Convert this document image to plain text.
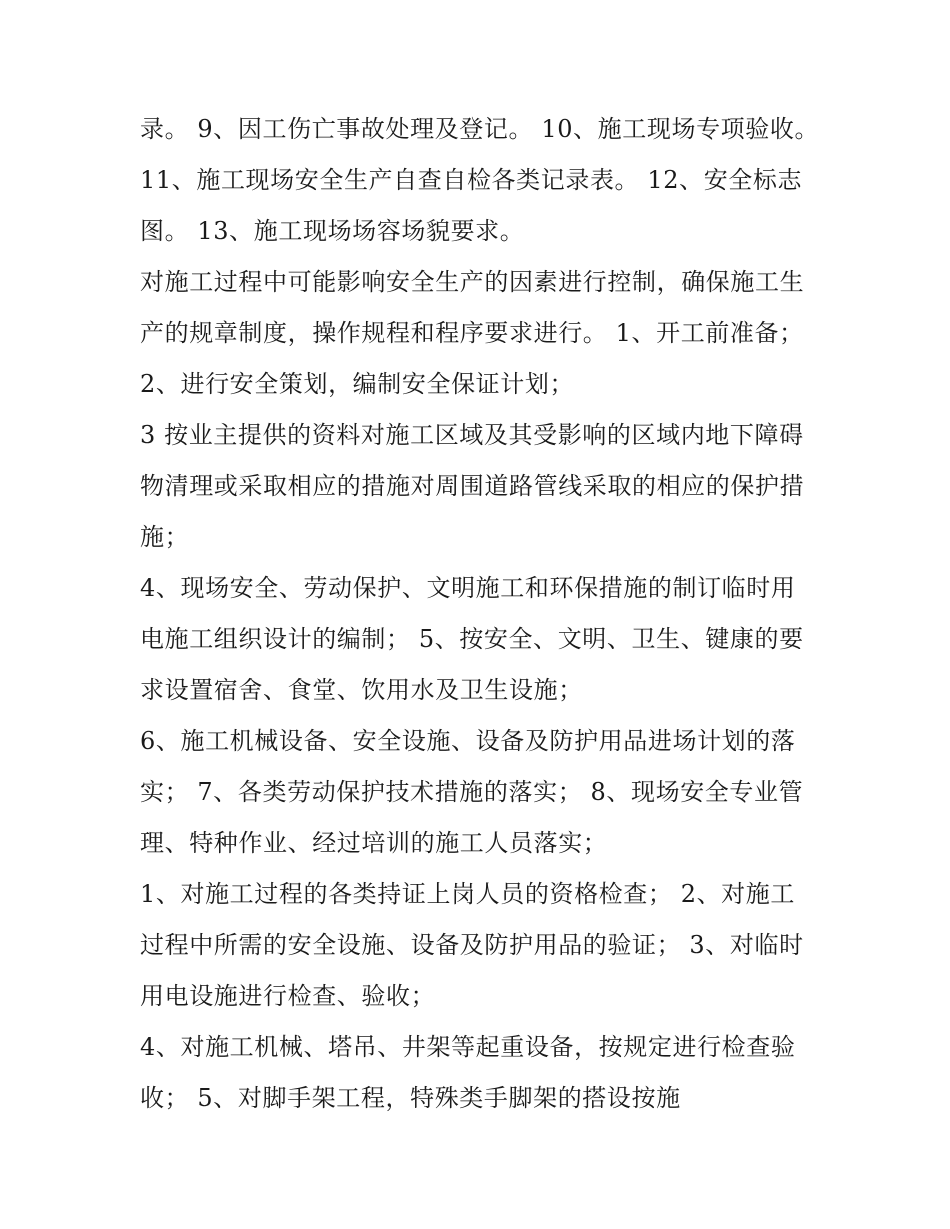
录。 9、因工伤亡事故处理及登记。 10、施工现场专项验收。
11、施工现场安全生产自查自检各类记录表。 12、安全标志
图。 13、施工现场场容场貌要求。
对施工过程中可能影响安全生产的因素进行控制，确保施工生
产的规章制度，操作规程和程序要求进行。 1、开工前准备；
2、进行安全策划，编制安全保证计划；
3 按业主提供的资料对施工区域及其受影响的区域内地下障碍
物清理或采取相应的措施对周围道路管线采取的相应的保护措
施；
4、现场安全、劳动保护、文明施工和环保措施的制订临时用
电施工组织设计的编制； 5、按安全、文明、卫生、键康的要
求设置宿舍、食堂、饮用水及卫生设施；
6、施工机械设备、安全设施、设备及防护用品进场计划的落
实； 7、各类劳动保护技术措施的落实； 8、现场安全专业管
理、特种作业、经过培训的施工人员落实；
1、对施工过程的各类持证上岗人员的资格检查； 2、对施工
过程中所需的安全设施、设备及防护用品的验证； 3、对临时
用电设施进行检查、验收；
4、对施工机械、塔吊、井架等起重设备，按规定进行检查验
收； 5、对脚手架工程，特殊类手脚架的搭设按施
